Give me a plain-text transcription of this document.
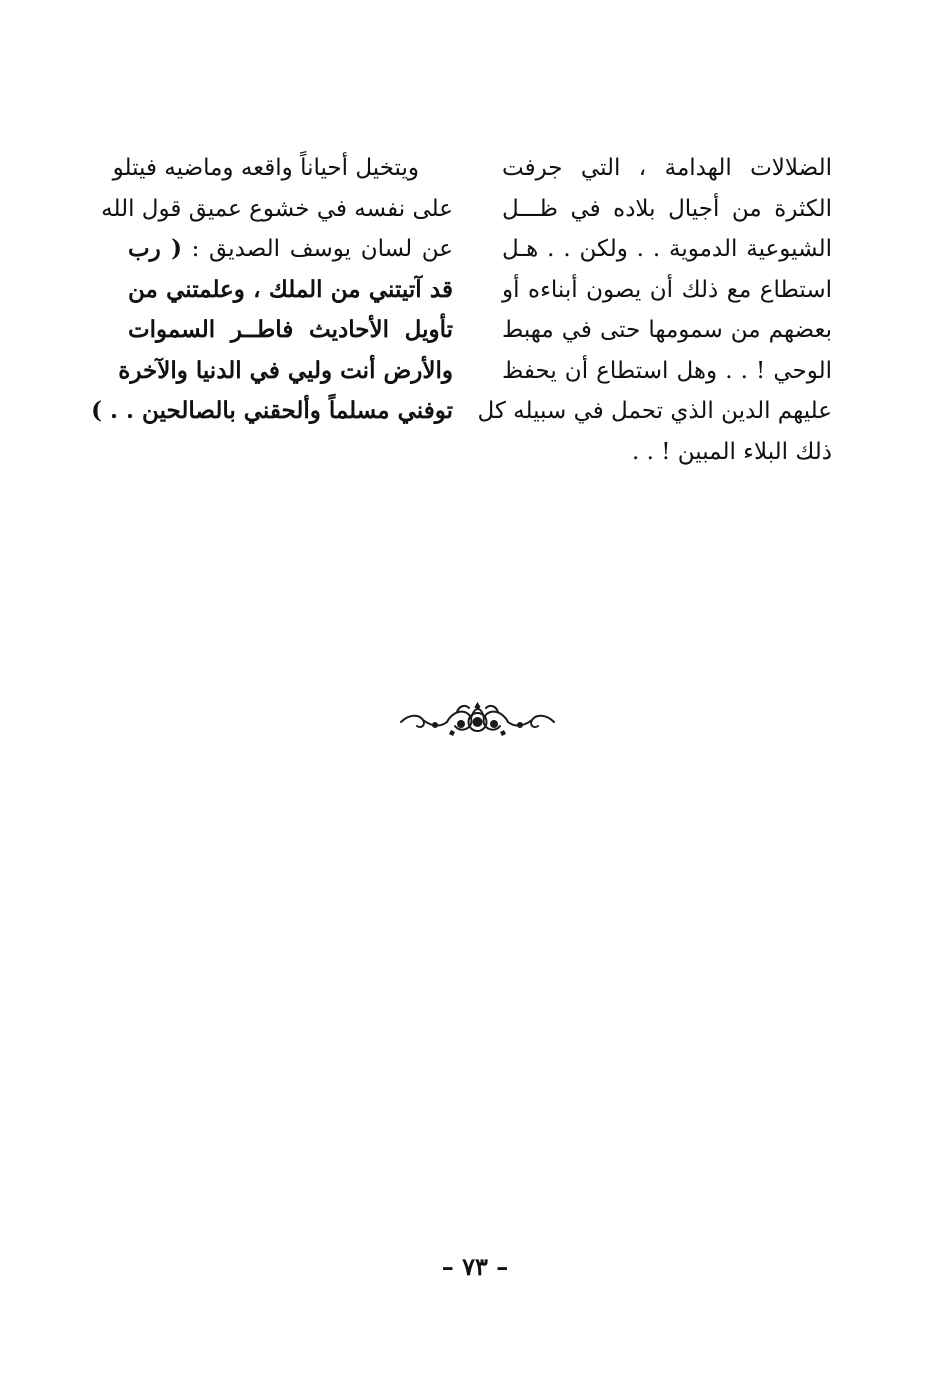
الضلالات الهدامة ، التي جرفت
الكثرة من أجيال بلاده في ظـــل
الشيوعية الدموية . . ولكن . . هـل
استطاع مع ذلك أن يصون أبناءه أو
بعضهم من سمومها حتى في مهبط
الوحي ! . . وهل استطاع أن يحفظ
عليهم الدين الذي تحمل في سبيله كل
ذلك البلاء المبين ! . .
ويتخيل أحياناً واقعه وماضيه فيتلو
على نفسه في خشوع عميق قول الله
عن لسان يوسف الصديق : ( رب
قد آتيتني من الملك ، وعلمتني من
تأويل الأحاديث فاطــر السموات
والأرض أنت وليي في الدنيا والآخرة
توفني مسلماً وألحقني بالصالحين . . )
– ٧٣ –
